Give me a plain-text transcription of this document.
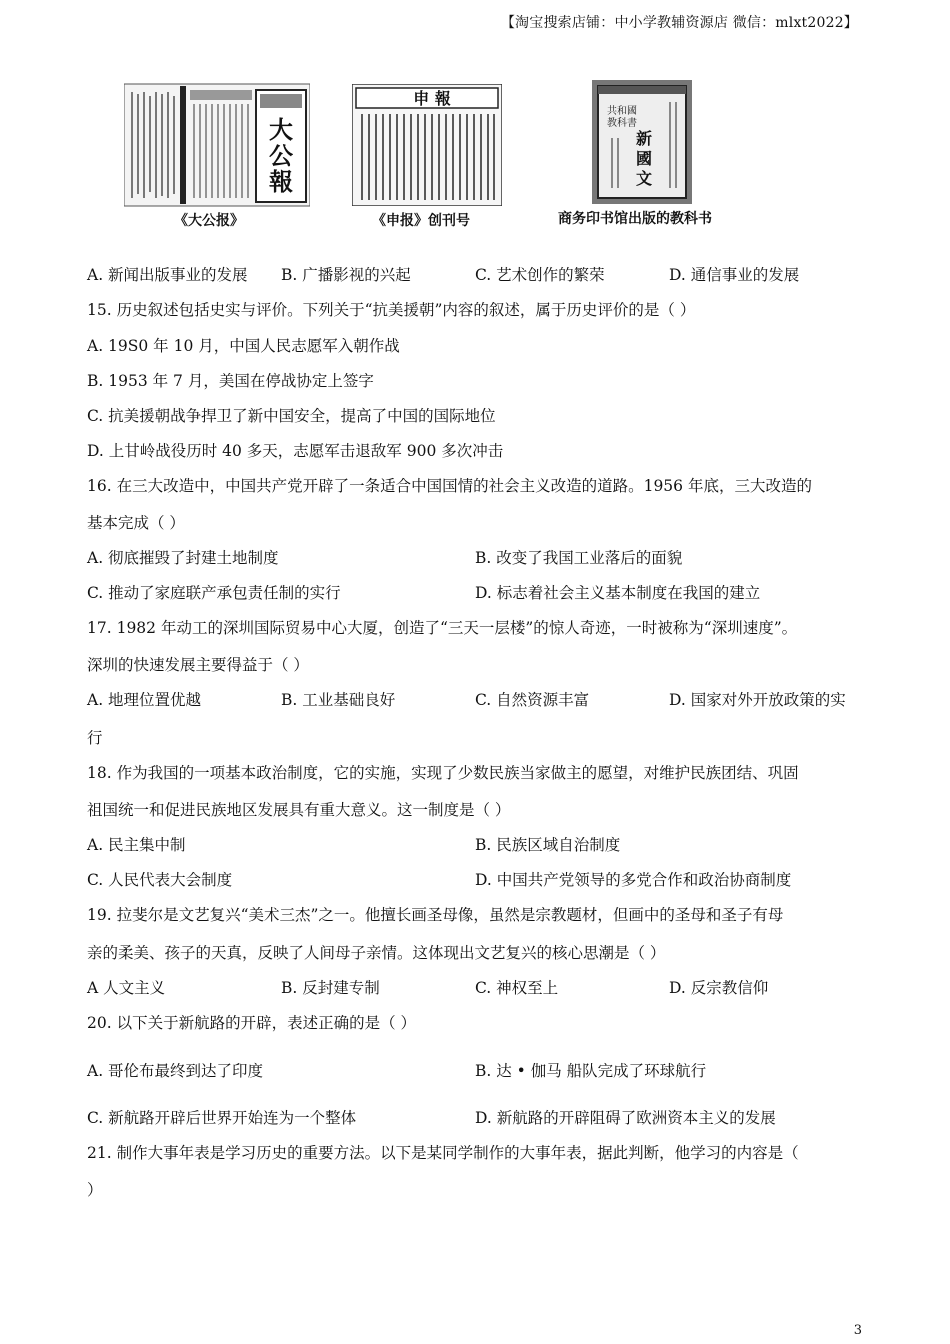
【淘宝搜索店铺：中小学教辅资源店 微信：mlxt2022】
大
公
報
申 報
共和國
教科書
新
國
文
《大公报》	《申报》创刊号	商务印书馆出版的教科书
A. 新闻出版事业的发展 B. 广播影视的兴起	C. 艺术创作的繁荣	D. 通信事业的发展
15. 历史叙述包括史实与评价。下列关于“抗美援朝”内容的叙述，属于历史评价的是（ ）
A. 19S0 年 10 月，中国人民志愿军入朝作战
B. 1953 年 7 月，美国在停战协定上签字
C. 抗美援朝战争捍卫了新中国安全，提高了中国的国际地位
D. 上甘岭战役历时 40 多天，志愿军击退敌军 900 多次冲击
16. 在三大改造中，中国共产党开辟了一条适合中国国情的社会主义改造的道路。1956 年底，三大改造的
基本完成（ ）
A. 彻底摧毁了封建土地制度	B. 改变了我国工业落后的面貌
C. 推动了家庭联产承包责任制的实行	D. 标志着社会主义基本制度在我国的建立
17. 1982 年动工的深圳国际贸易中心大厦，创造了“三天一层楼”的惊人奇迹，一时被称为“深圳速度”。
深圳的快速发展主要得益于（ ）
A. 地理位置优越	B. 工业基础良好	C. 自然资源丰富	D. 国家对外开放政策的实
行
18. 作为我国的一项基本政治制度，它的实施，实现了少数民族当家做主的愿望，对维护民族团结、巩固
祖国统一和促进民族地区发展具有重大意义。这一制度是（ ）
A. 民主集中制	B. 民族区域自治制度
C. 人民代表大会制度	D. 中国共产党领导的多党合作和政治协商制度
19. 拉斐尔是文艺复兴“美术三杰”之一。他擅长画圣母像，虽然是宗教题材，但画中的圣母和圣子有母
亲的柔美、孩子的天真，反映了人间母子亲情。这体现出文艺复兴的核心思潮是（ ）
A 人文主义	B. 反封建专制	C. 神权至上	D. 反宗教信仰
20. 以下关于新航路的开辟，表述正确的是（ ）
A. 哥伦布最终到达了印度	B. 达 • 伽马 船队完成了环球航行
C. 新航路开辟后世界开始连为一个整体	D. 新航路的开辟阻碍了欧洲资本主义的发展
21. 制作大事年表是学习历史的重要方法。以下是某同学制作的大事年表，据此判断，他学习的内容是（
）
3
